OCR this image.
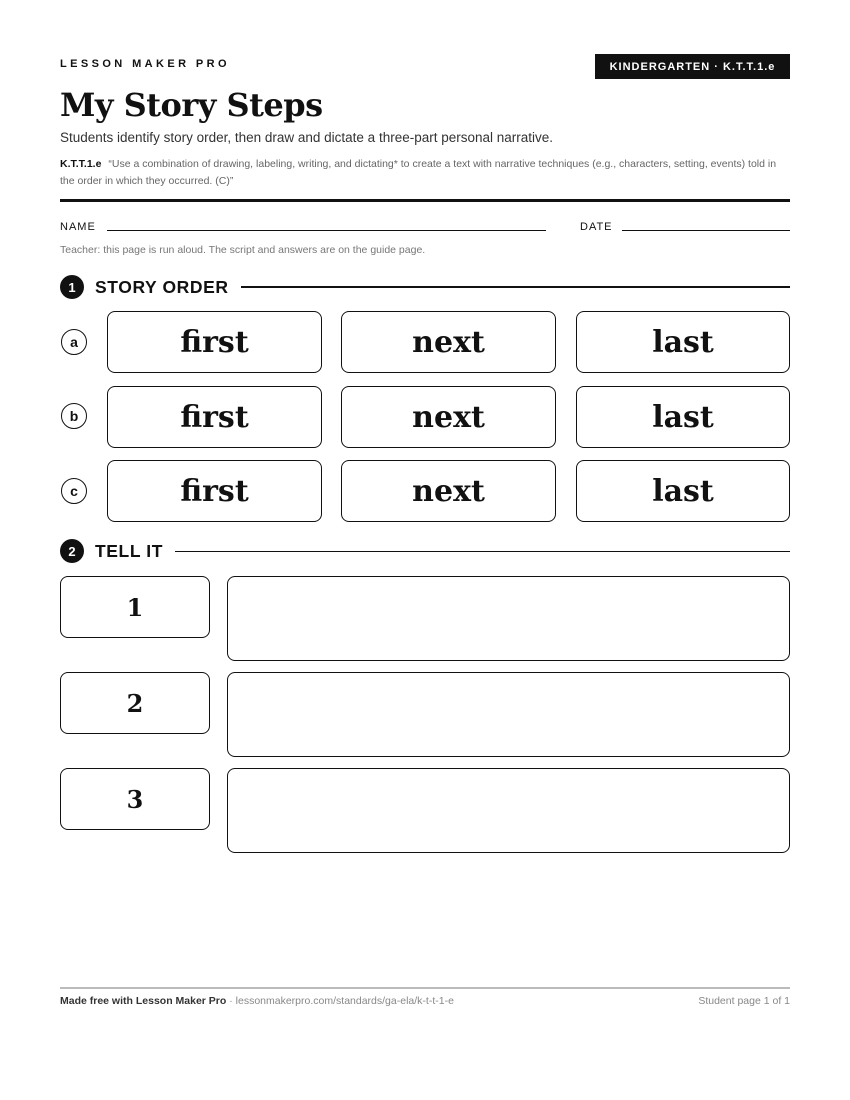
LESSON MAKER PRO	KINDERGARTEN · K.T.T.1.e
My Story Steps
Students identify story order, then draw and dictate a three-part personal narrative.
K.T.T.1.e “Use a combination of drawing, labeling, writing, and dictating* to create a text with narrative techniques (e.g., characters, setting, events) told in the order in which they occurred. (C)”
NAME	DATE
Teacher: this page is run aloud. The script and answers are on the guide page.
1	STORY ORDER
a	first	next	last
b	first	next	last
c	first	next	last
2	TELL IT
1
2
3
Made free with Lesson Maker Pro · lessonmakerpro.com/standards/ga-ela/k-t-t-1-e	Student page 1 of 1
